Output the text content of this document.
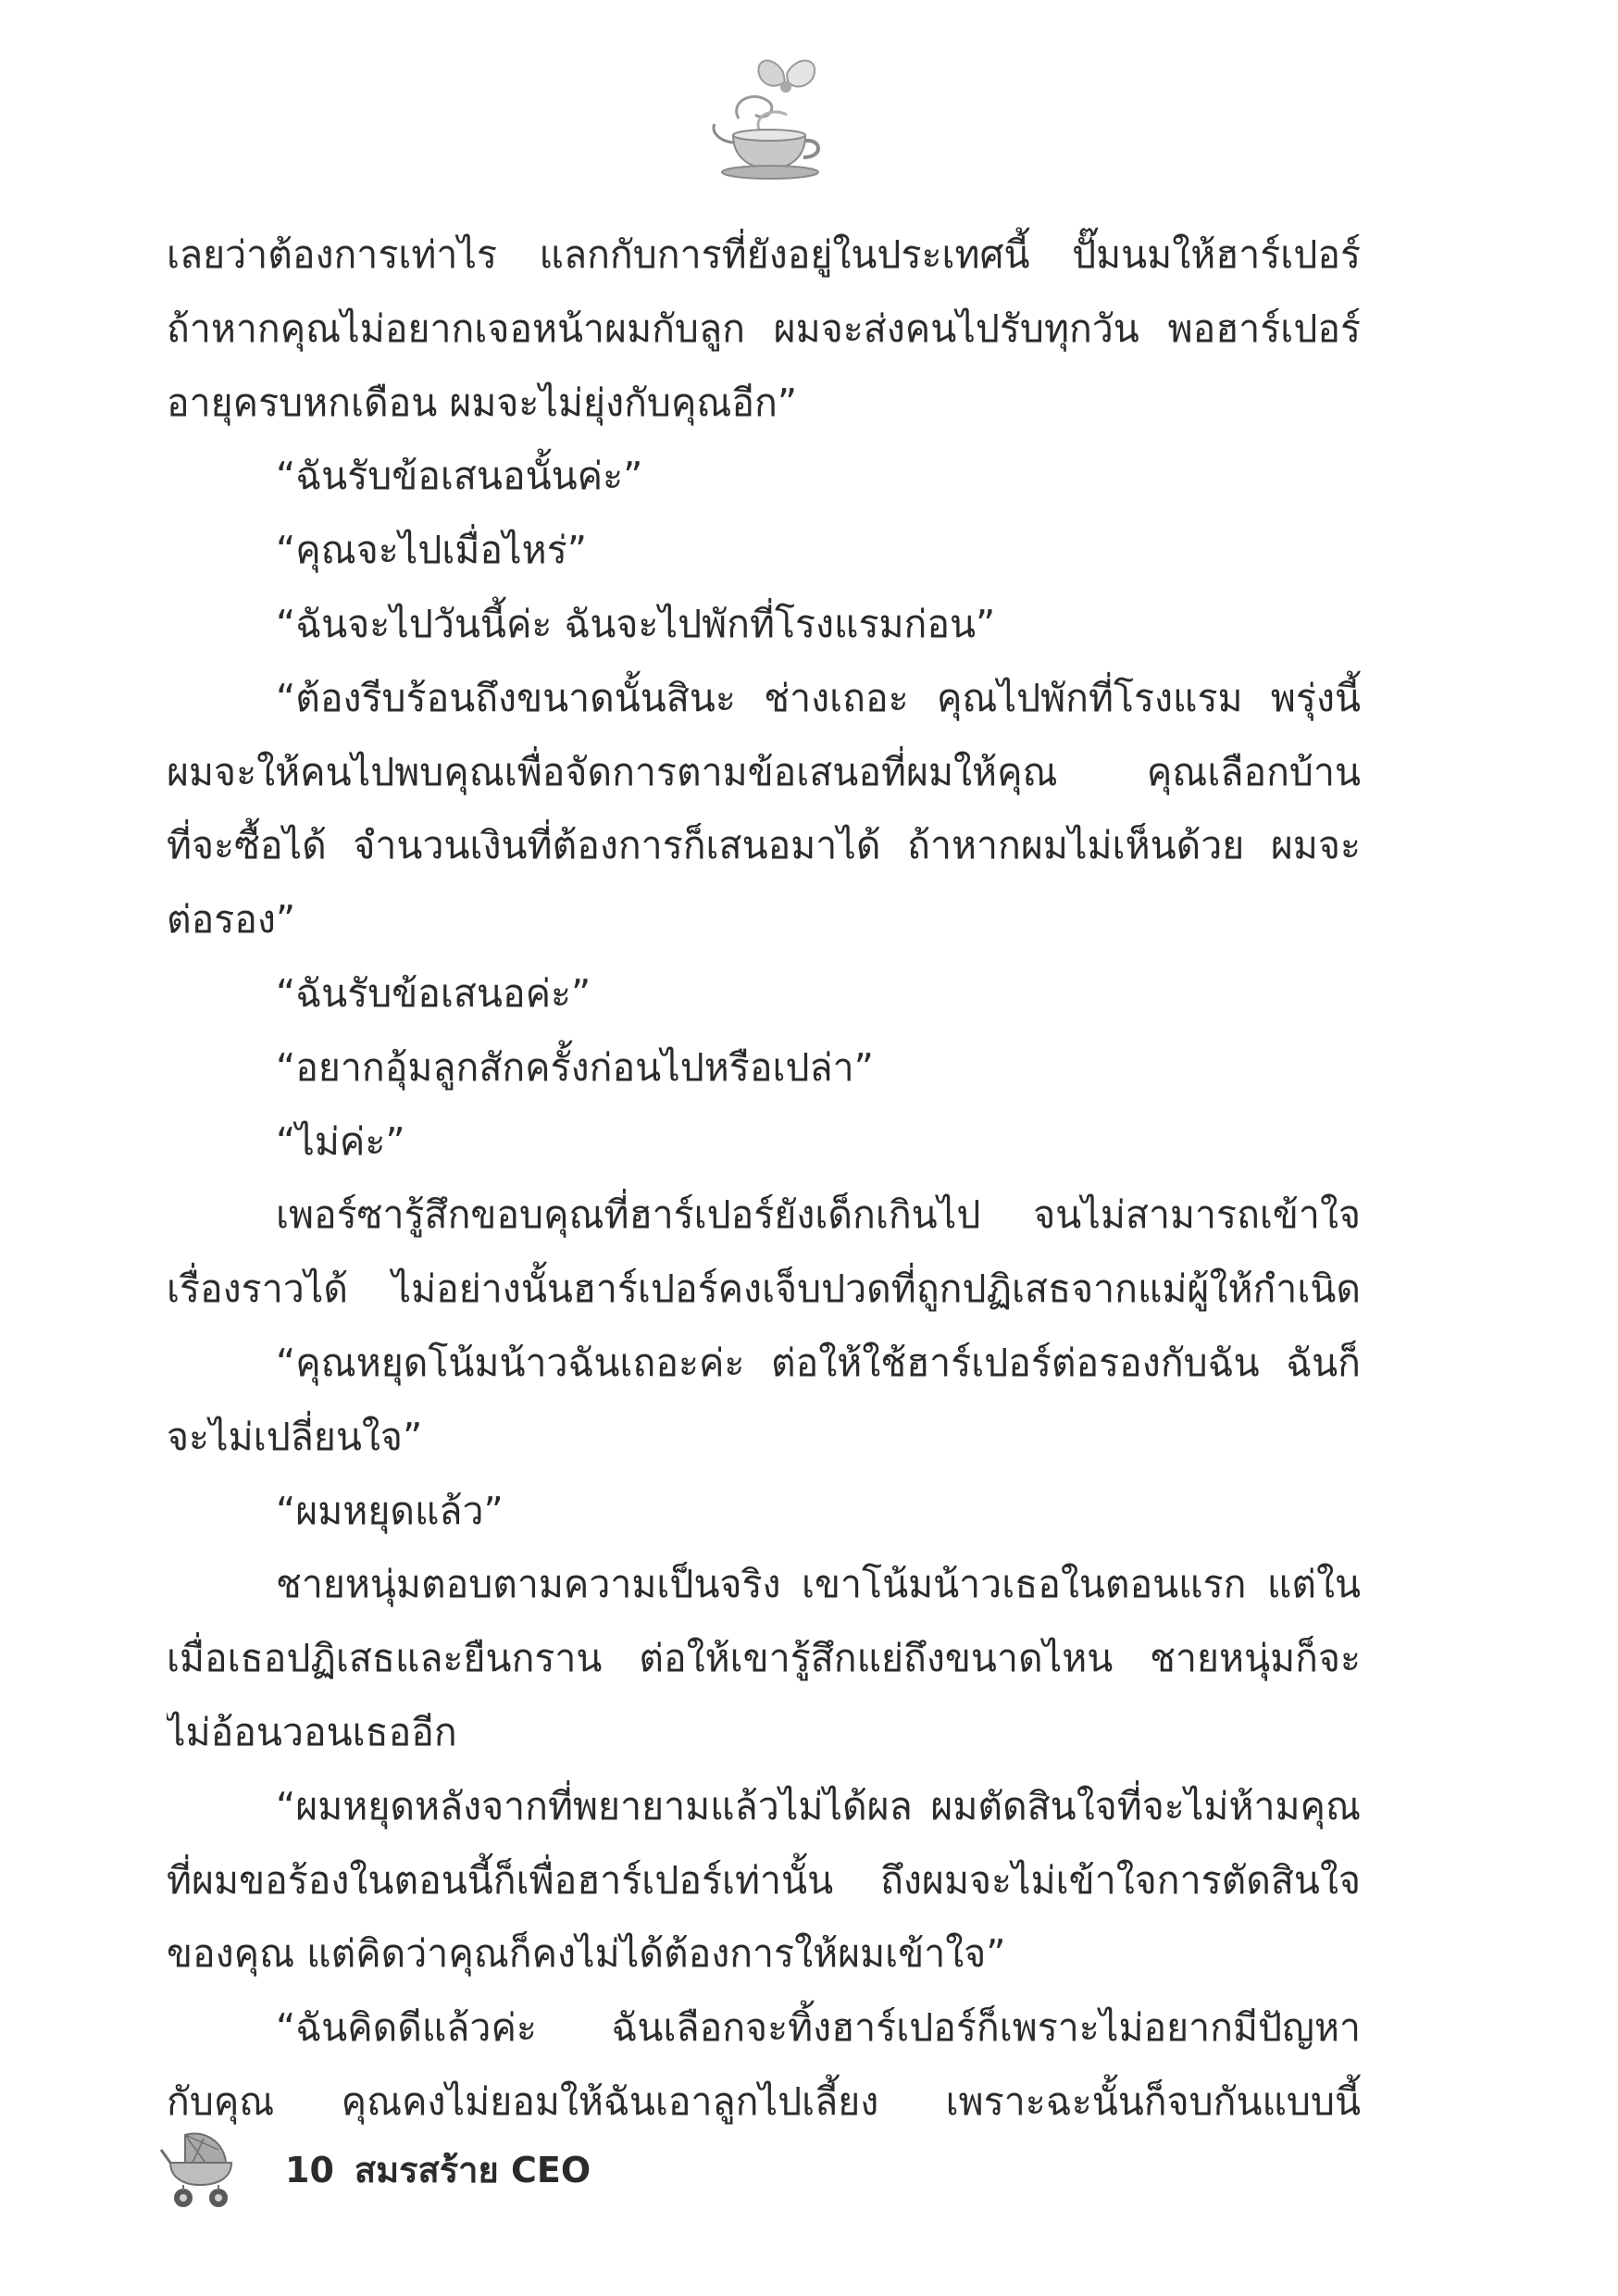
เลยว่าต้องการเท่าไร แลกกับการที่ยังอยู่ในประเทศนี้ ปั๊มนมให้ฮาร์เปอร์
ถ้าหากคุณไม่อยากเจอหน้าผมกับลูก ผมจะส่งคนไปรับทุกวัน พอฮาร์เปอร์
อายุครบหกเดือน ผมจะไม่ยุ่งกับคุณอีก”
“ฉันรับข้อเสนอนั้นค่ะ”
“คุณจะไปเมื่อไหร่”
“ฉันจะไปวันนี้ค่ะ ฉันจะไปพักที่โรงแรมก่อน”
“ต้องรีบร้อนถึงขนาดนั้นสินะ ช่างเถอะ คุณไปพักที่โรงแรม พรุ่งนี้
ผมจะให้คนไปพบคุณเพื่อจัดการตามข้อเสนอที่ผมให้คุณ คุณเลือกบ้าน
ที่จะซื้อได้ จำนวนเงินที่ต้องการก็เสนอมาได้ ถ้าหากผมไม่เห็นด้วย ผมจะ
ต่อรอง”
“ฉันรับข้อเสนอค่ะ”
“อยากอุ้มลูกสักครั้งก่อนไปหรือเปล่า”
“ไม่ค่ะ”
เพอร์ซารู้สึกขอบคุณที่ฮาร์เปอร์ยังเด็กเกินไป จนไม่สามารถเข้าใจ
เรื่องราวได้ ไม่อย่างนั้นฮาร์เปอร์คงเจ็บปวดที่ถูกปฏิเสธจากแม่ผู้ให้กำเนิด
“คุณหยุดโน้มน้าวฉันเถอะค่ะ ต่อให้ใช้ฮาร์เปอร์ต่อรองกับฉัน ฉันก็
จะไม่เปลี่ยนใจ”
“ผมหยุดแล้ว”
ชายหนุ่มตอบตามความเป็นจริง เขาโน้มน้าวเธอในตอนแรก แต่ใน
เมื่อเธอปฏิเสธและยืนกราน ต่อให้เขารู้สึกแย่ถึงขนาดไหน ชายหนุ่มก็จะ
ไม่อ้อนวอนเธออีก
“ผมหยุดหลังจากที่พยายามแล้วไม่ได้ผล ผมตัดสินใจที่จะไม่ห้ามคุณ
ที่ผมขอร้องในตอนนี้ก็เพื่อฮาร์เปอร์เท่านั้น ถึงผมจะไม่เข้าใจการตัดสินใจ
ของคุณ แต่คิดว่าคุณก็คงไม่ได้ต้องการให้ผมเข้าใจ”
“ฉันคิดดีแล้วค่ะ ฉันเลือกจะทิ้งฮาร์เปอร์ก็เพราะไม่อยากมีปัญหา
กับคุณ คุณคงไม่ยอมให้ฉันเอาลูกไปเลี้ยง เพราะฉะนั้นก็จบกันแบบนี้
10 สมรสร้าย CEO
